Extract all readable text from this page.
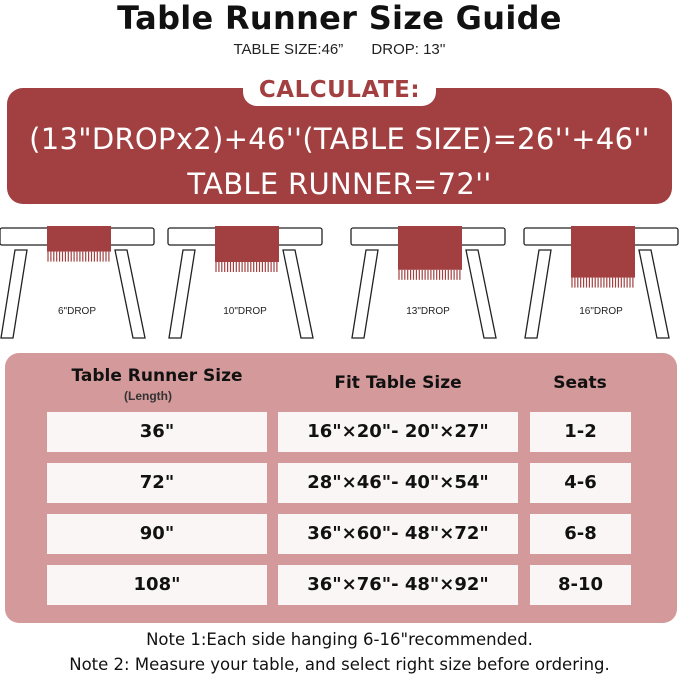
Table Runner Size Guide
TABLE SIZE:46” DROP: 13''
CALCULATE:
(13"DROPx2)+46''(TABLE SIZE)=26''+46''
TABLE RUNNER=72''
6"DROP	10"DROP	13"DROP	16"DROP
Table Runner Size
(Length)
Fit Table Size	Seats
36"	16"×20"- 20"×27"	1-2
72"	28"×46"- 40"×54"	4-6
90"	36"×60"- 48"×72"	6-8
108"	36"×76"- 48"×92"	8-10
Note 1:Each side hanging 6-16"recommended.
Note 2: Measure your table, and select right size before ordering.
